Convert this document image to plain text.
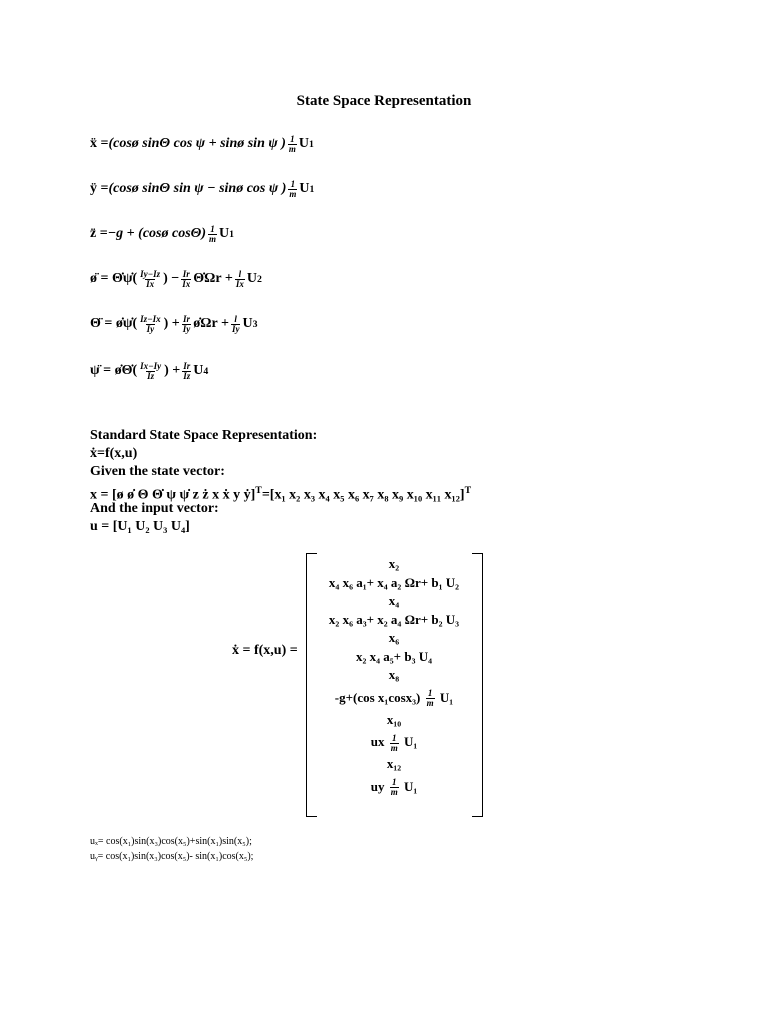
State Space Representation
ẍ = (cosø sinΘ cos ψ + sinø sin ψ ) $\frac{1}{m}$ U 1
ÿ = (cosø sinΘ sin ψ − sinø cos ψ ) $\frac{1}{m}$ U 1
z̈ = −g + (cosø $\cos\Theta) \frac{1}{m}$ U 1
ø̈ = Θ̇ψ̇( $\frac{Iy-Iz}{Ix}$ ) − $\frac{Ir}{Ix}$ Θ̇Ωr + $\frac{l}{Ix}$ U 2
Θ̈ = ø̇ψ̇( $\frac{Iz-Ix}{Iy}$ ) + $\frac{Ir}{Iy}$ ø̇Ωr + $\frac{l}{Iy}$ U 3
ψ̈ = ø̇Θ̇( $\frac{Ix-Iy}{Iz}$ ) + $\frac{Ir}{Iz}$ U 4
Standard State Space Representation:
ẋ=f(x,u)
Given the state vector:
x = [ø ø̇ Θ Θ̇ ψ ψ̇ z ż x ẋ y ẏ]$^T$=[x₁ x₂ x₃ x₄ x₅ x₆ x₇ x₈ x₉ x₁₀ x₁₁ x₁₂]$^T$
And the input vector:
u = [U₁ U₂ U₃ U₄]
ẋ = f(x,u) =
x₂
x₄ x₆ a₁+ x₄ a₂ Ωr+ b₁ U₂
x₄
x₂ x₆ a₃+ x₂ a₄ Ωr+ b₂ U₃
x₆
x₂ x₄ a₅+ b₃ U₄
x₈
-g+(cos $x_1\cos x_3) \frac{1}{m} U_1$
x₁₀
ux $\frac{1}{m} U_1$
x₁₂
uy $\frac{1}{m} U_1$
uₓ= cos(x₁)sin(x₃)cos(x₅)+sin(x₁)sin(x₅);
uᵧ= cos(x₁)sin(x₃)cos(x₅)- sin(x₁)cos(x₅);
